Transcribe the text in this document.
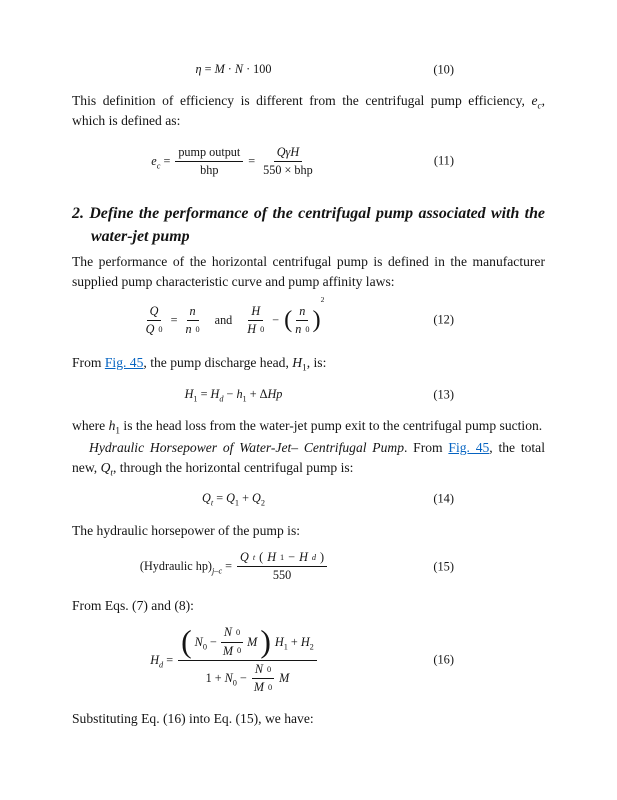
η = M · N · 100	(10)

This definition of efficiency is different from the centrifugal pump efficiency, $e_c$, which is defined as:

$e_c = \frac{\text{pump output}}{\text{bhp}} = \frac{\text{QγH}}{\text{550 × bhp}}$	(11)
2. Define the performance of the centrifugal pump associated with the water-jet pump

The performance of the horizontal centrifugal pump is defined in the manufacturer supplied pump characteristic curve and pump affinity laws:

$\frac{Q}{Q 0} = \frac{n}{n 0}$ and $\frac{H}{H 0}$ − ( $\frac{n}{n 0}$ )
2
(12)

From Fig. 45, the pump discharge head, $H_1$, is:

$H_1 = H_d - h_1 + \Delta Hp$	(13)

where $h_1$ is the head loss from the water-jet pump exit to the centrifugal pump suction.

Hydraulic Horsepower of Water-Jet– Centrifugal Pump. From Fig. 45, the total new, $Q_t$, through the horizontal centrifugal pump is:

$Q_t = Q_1 + Q_2$	(14)

The hydraulic horsepower of the pump is:

(Hydraulic $hp)_{j-c} = \frac{\text{Q t ( H 1 − H d )}}{550}$	(15)

From Eqs. (7) and (8):

$H_d$ =
( $N_0 - \frac{N 0}{M 0}$ M ) $H_1 + H_2$
$1 + N_0 - \frac{N 0}{M 0}$ M
(16)

Substituting Eq. (16) into Eq. (15), we have:
